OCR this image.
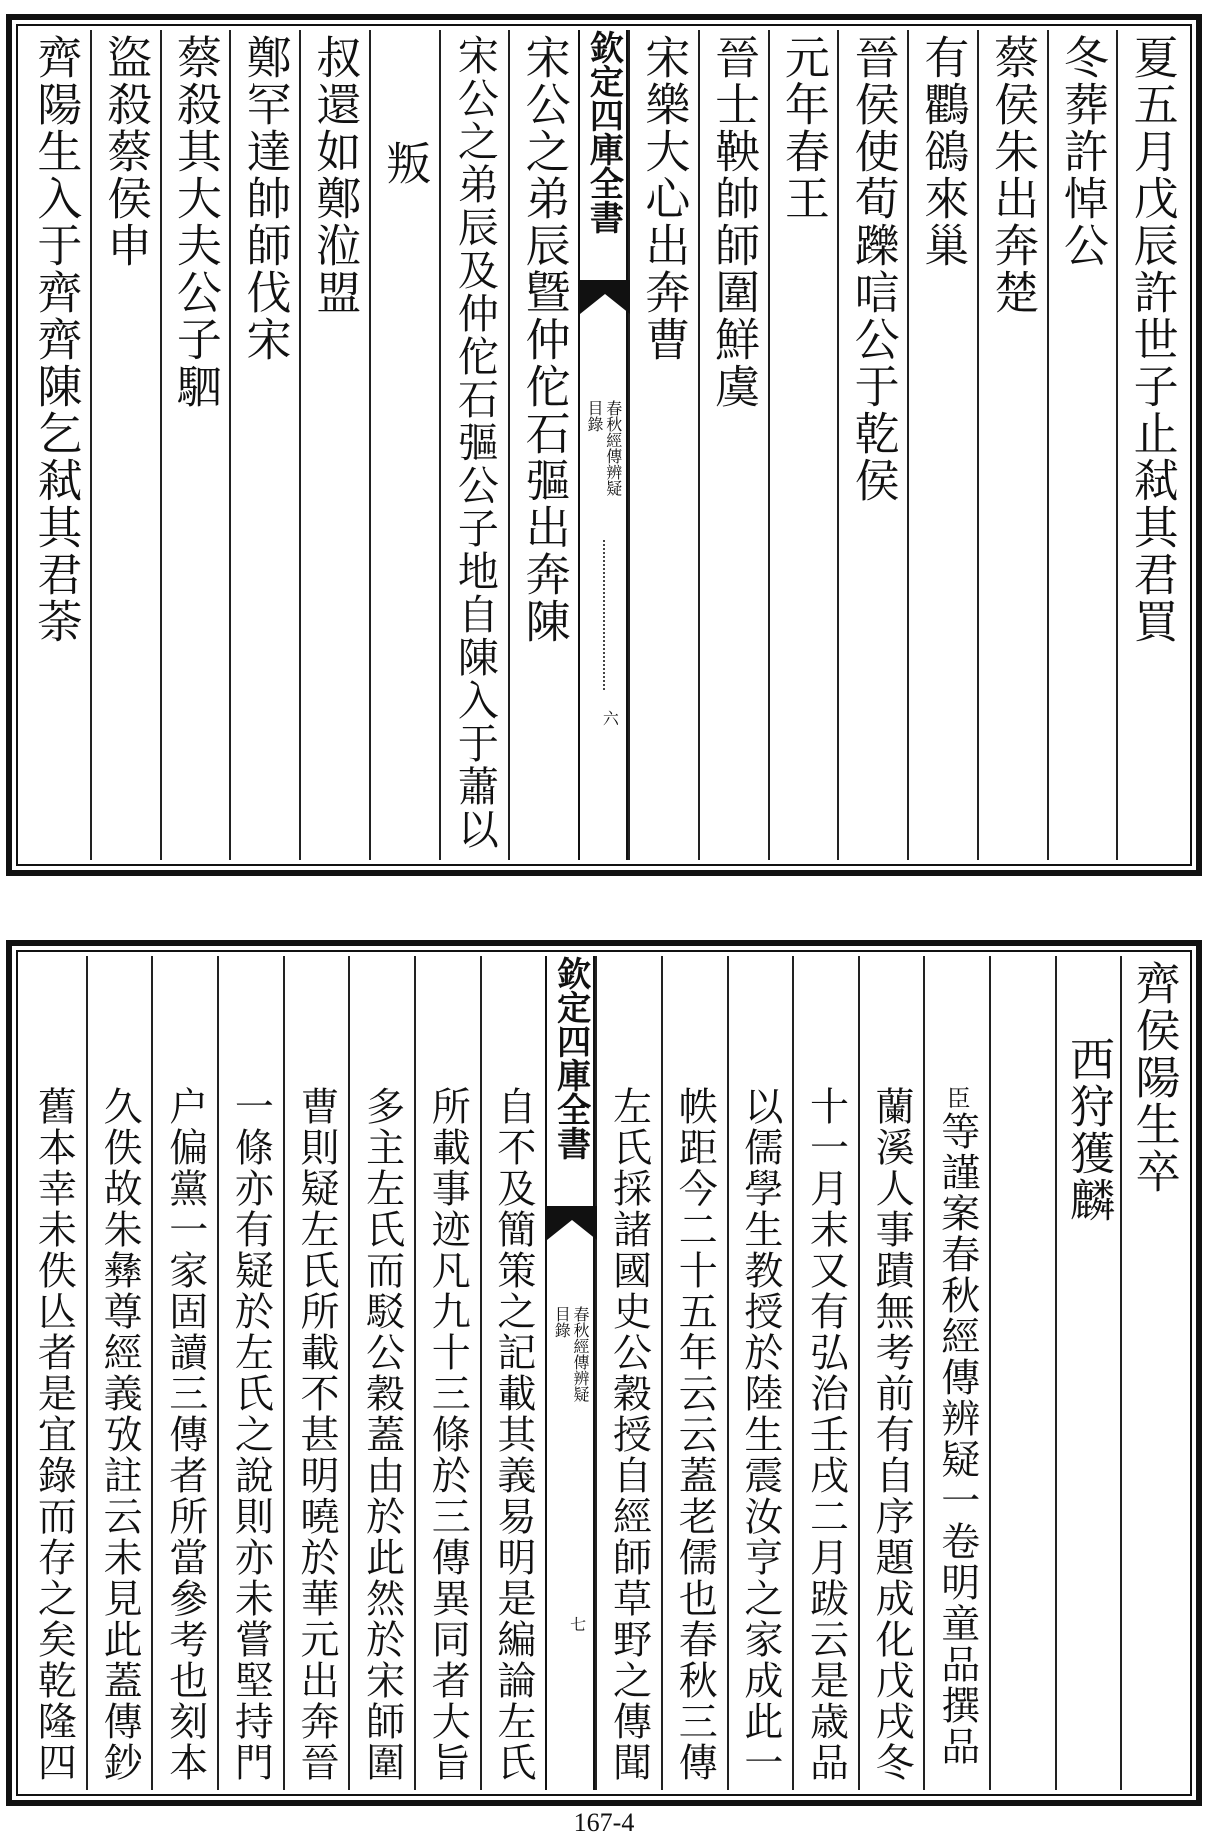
夏五月戊辰許世子止弒其君買
冬葬許悼公
蔡侯朱出奔楚
有鸜鵒來巢
晉侯使荀躒唁公于乾侯
元年春王
晉士鞅帥師圍鮮虞
宋樂大心出奔曹
欽定四庫全書
春秋經傳辨疑
目錄
六
宋公之弟辰曁仲佗石彄出奔陳
宋公之弟辰及仲佗石彄公子地自陳入于蕭以
叛
叔還如鄭涖盟
鄭罕達帥師伐宋
蔡殺其大夫公子駟
盜殺蔡侯申
齊陽生入于齊齊陳乞弒其君荼
齊侯陽生卒
西狩獲麟
臣等謹案春秋經傳辨疑一卷明童品撰品
蘭溪人事蹟無考前有自序題成化戊戌冬
十一月末又有弘治壬戌二月跋云是歳品
以儒學生教授於陸生震汝亨之家成此一
帙距今二十五年云云蓋老儒也春秋三傳
左氏採諸國史公穀授自經師草野之傳聞
欽定四庫全書
春秋經傳辨疑
目錄
七
自不及簡策之記載其義易明是編論左氏
所載事迹凡九十三條於三傳異同者大旨
多主左氏而駁公穀蓋由於此然於宋師圍
曹則疑左氏所載不甚明曉於華元出奔晉
一條亦有疑於左氏之說則亦未嘗堅持門
户偏黨一家固讀三傳者所當參考也刻本
久佚故朱彝尊經義攷註云未見此蓋傳鈔
舊本幸未佚亾者是宜錄而存之矣乾隆四
167-4
